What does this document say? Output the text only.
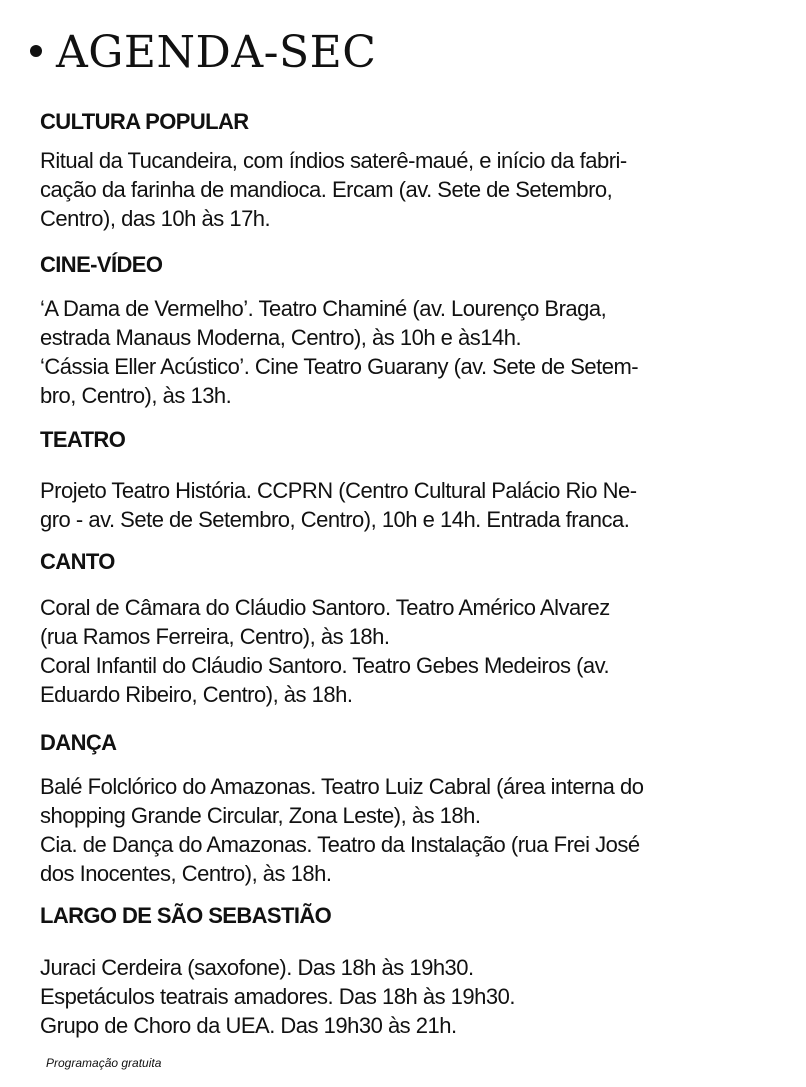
AGENDA-SEC
CULTURA POPULAR
Ritual da Tucandeira, com índios saterê-maué, e início da fabri-
cação da farinha de mandioca. Ercam (av. Sete de Setembro,
Centro), das 10h às 17h.
CINE-VÍDEO
‘A Dama de Vermelho’. Teatro Chaminé (av. Lourenço Braga,
estrada Manaus Moderna, Centro), às 10h e às14h.
‘Cássia Eller Acústico’. Cine Teatro Guarany (av. Sete de Setem-
bro, Centro), às 13h.
TEATRO
Projeto Teatro História. CCPRN (Centro Cultural Palácio Rio Ne-
gro - av. Sete de Setembro, Centro), 10h e 14h. Entrada franca.
CANTO
Coral de Câmara do Cláudio Santoro. Teatro Américo Alvarez
(rua Ramos Ferreira, Centro), às 18h.
Coral Infantil do Cláudio Santoro. Teatro Gebes Medeiros (av.
Eduardo Ribeiro, Centro), às 18h.
DANÇA
Balé Folclórico do Amazonas. Teatro Luiz Cabral (área interna do
shopping Grande Circular, Zona Leste), às 18h.
Cia. de Dança do Amazonas. Teatro da Instalação (rua Frei José
dos Inocentes, Centro), às 18h.
LARGO DE SÃO SEBASTIÃO
Juraci Cerdeira (saxofone). Das 18h às 19h30.
Espetáculos teatrais amadores. Das 18h às 19h30.
Grupo de Choro da UEA. Das 19h30 às 21h.
Programação gratuita
